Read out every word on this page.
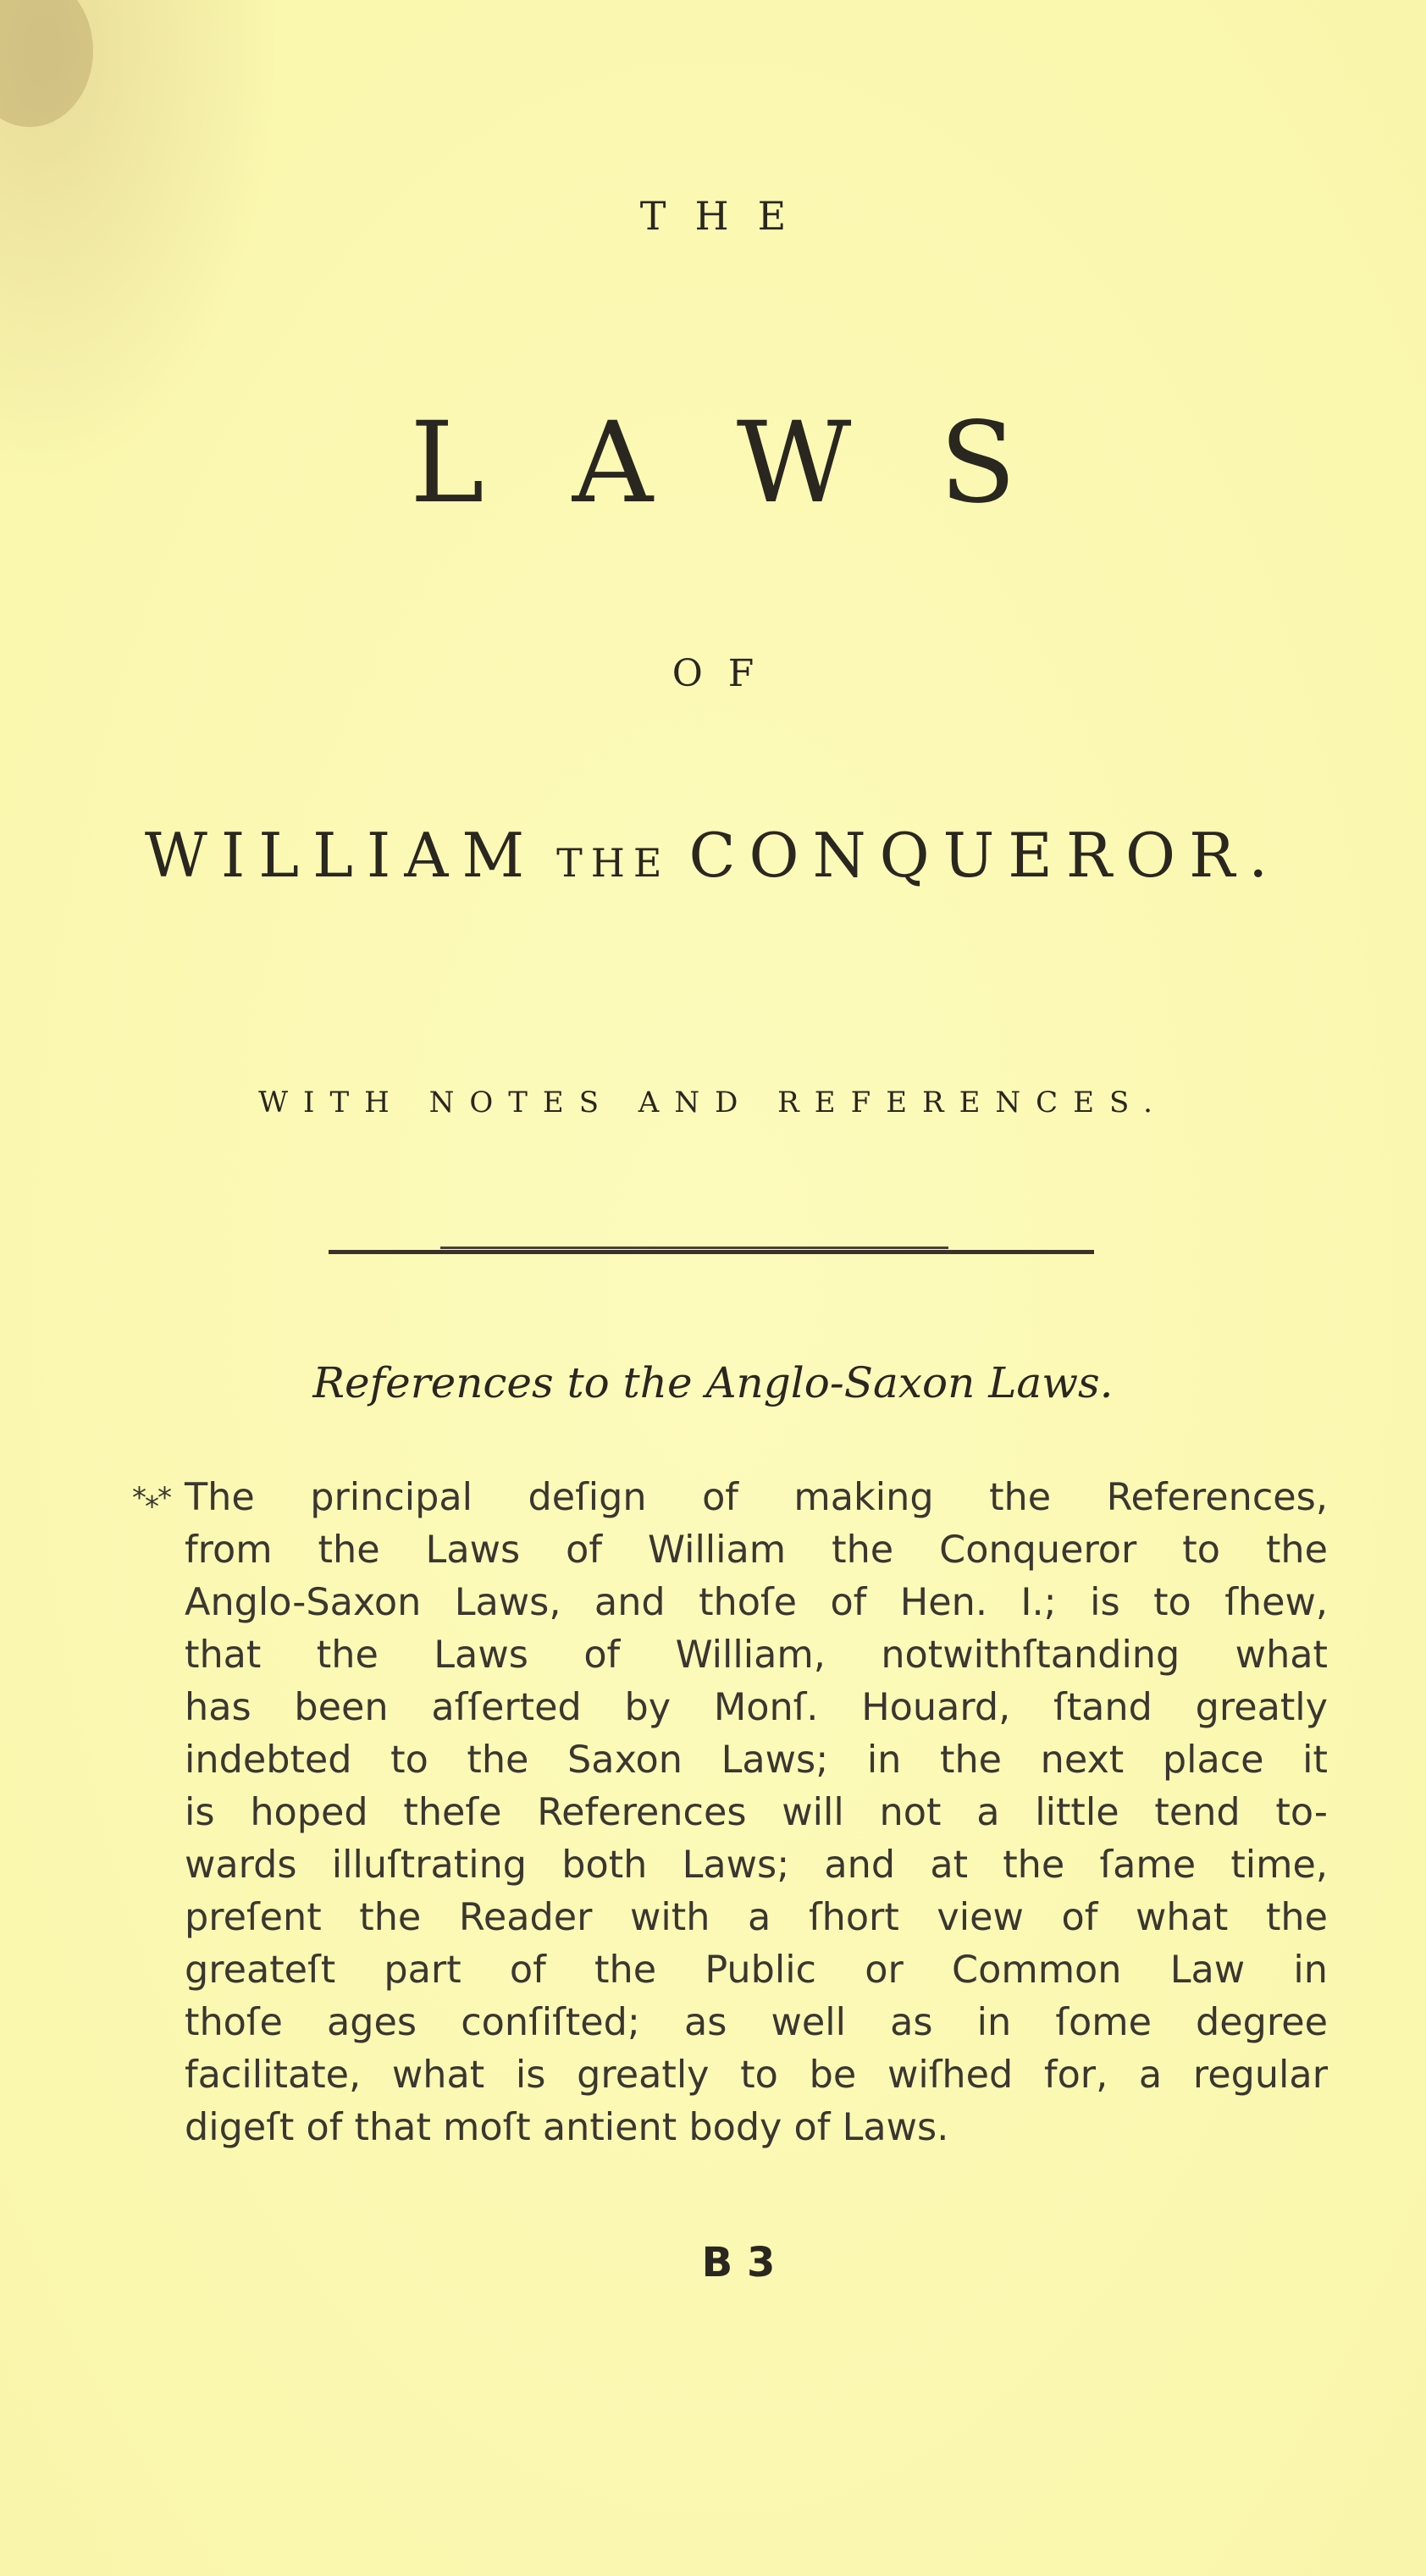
THE
LAWS
OF
WILLIAM THE CONQUEROR.
WITH NOTES AND REFERENCES.
References to the Anglo-Saxon Laws.
*⁎* The principal deſign of making the References,
from the Laws of William the Conqueror to the
Anglo-Saxon Laws, and thoſe of Hen. I.; is to ſhew,
that the Laws of William, notwithſtanding what
has been aſſerted by Monſ. Houard, ſtand greatly
indebted to the Saxon Laws; in the next place it
is hoped theſe References will not a little tend to-
wards illuſtrating both Laws; and at the ſame time,
preſent the Reader with a ſhort view of what the
greateſt part of the Public or Common Law in
thoſe ages conſiſted; as well as in ſome degree
facilitate, what is greatly to be wiſhed for, a regular
digeſt of that moſt antient body of Laws.
B 3
